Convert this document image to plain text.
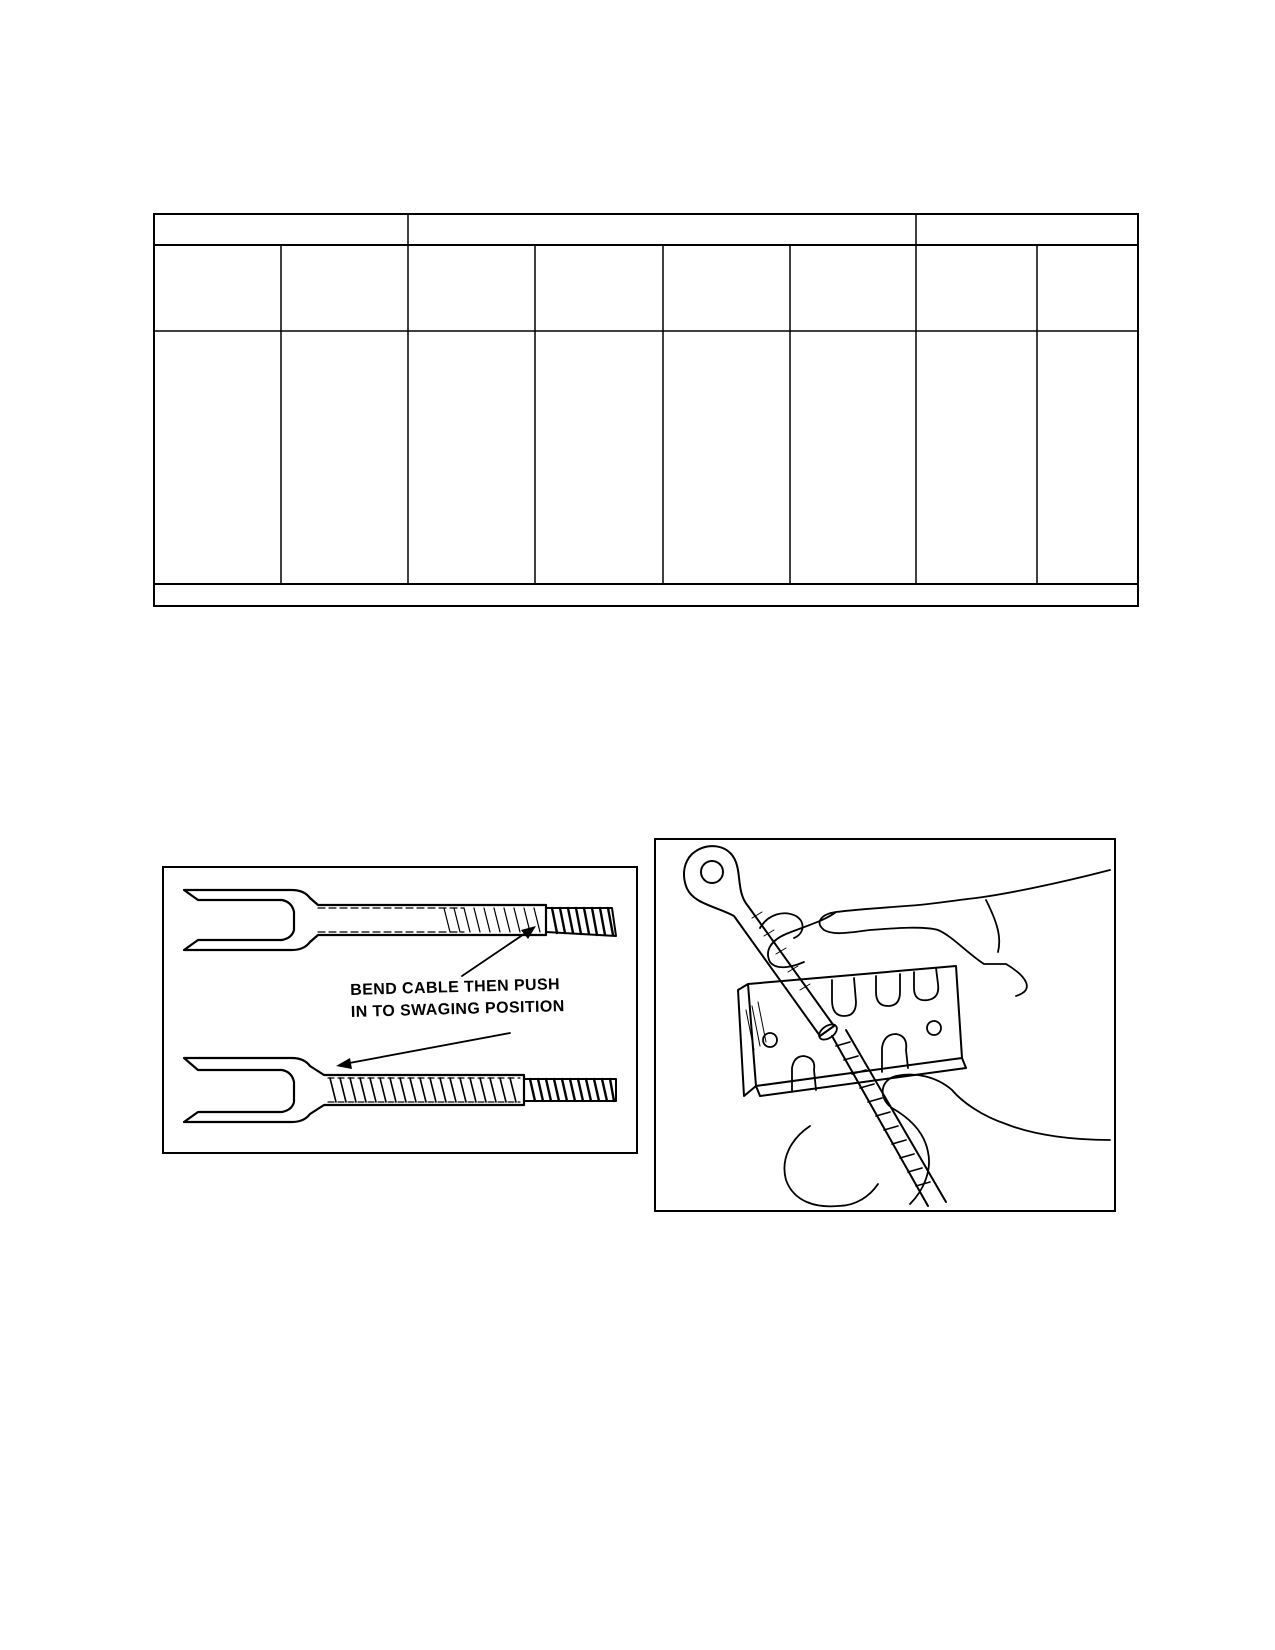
BEND CABLE THEN PUSH
IN TO SWAGING POSITION
